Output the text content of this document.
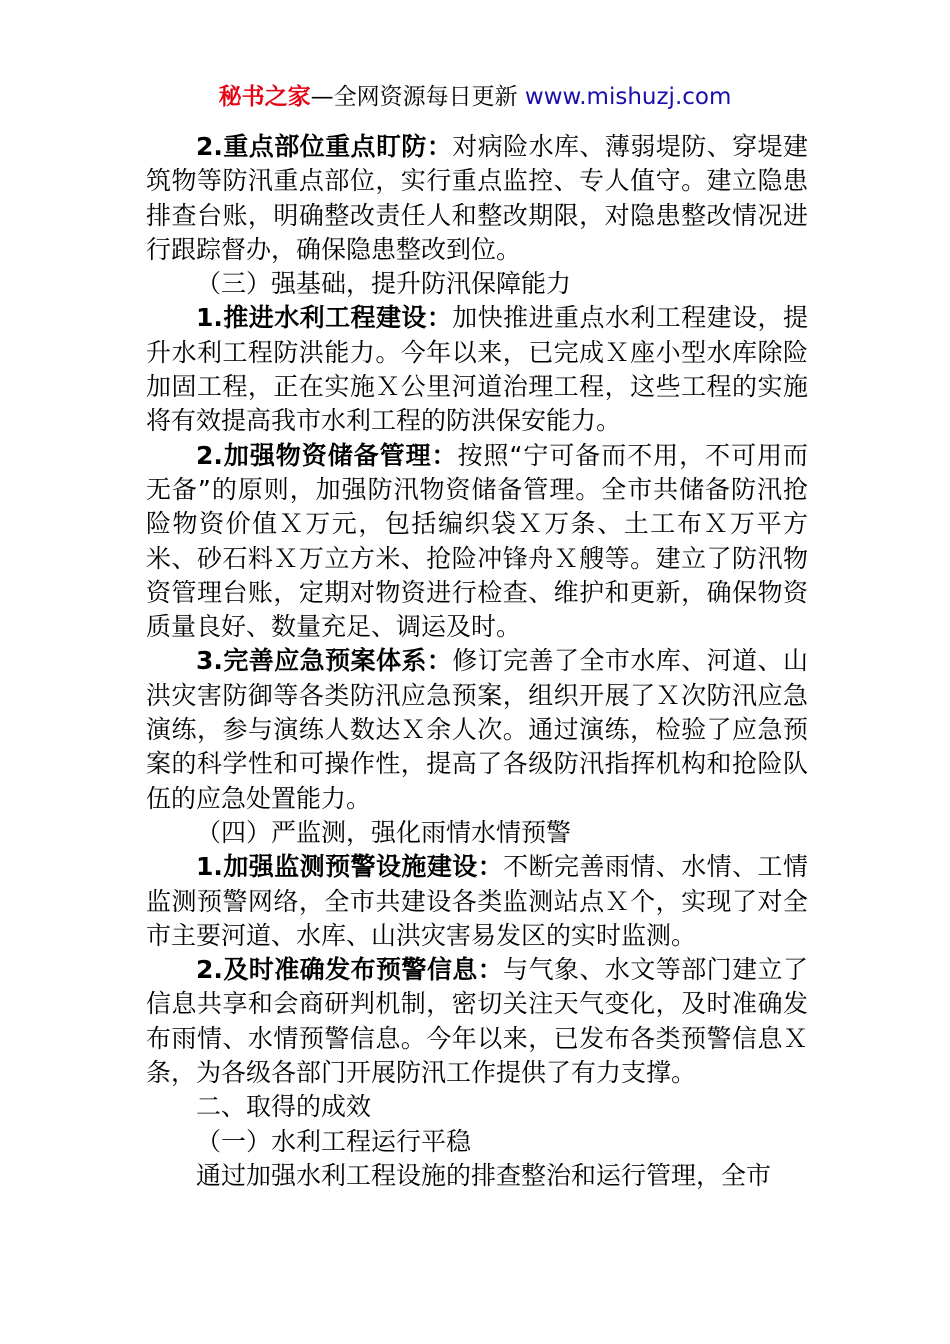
秘书之家—全网资源每日更新 www.mishuzj.com

2.重点部位重点盯防：对病险水库、薄弱堤防、穿堤建筑物等防汛重点部位，实行重点监控、专人值守。建立隐患排查台账，明确整改责任人和整改期限，对隐患整改情况进行跟踪督办，确保隐患整改到位。

（三）强基础，提升防汛保障能力

1.推进水利工程建设：加快推进重点水利工程建设，提升水利工程防洪能力。今年以来，已完成Ｘ座小型水库除险加固工程，正在实施Ｘ公里河道治理工程，这些工程的实施将有效提高我市水利工程的防洪保安能力。

2.加强物资储备管理：按照“宁可备而不用，不可用而无备”的原则，加强防汛物资储备管理。全市共储备防汛抢险物资价值Ｘ万元，包括编织袋Ｘ万条、土工布Ｘ万平方米、砂石料Ｘ万立方米、抢险冲锋舟Ｘ艘等。建立了防汛物资管理台账，定期对物资进行检查、维护和更新，确保物资质量良好、数量充足、调运及时。

3.完善应急预案体系：修订完善了全市水库、河道、山洪灾害防御等各类防汛应急预案，组织开展了Ｘ次防汛应急演练，参与演练人数达Ｘ余人次。通过演练，检验了应急预案的科学性和可操作性，提高了各级防汛指挥机构和抢险队伍的应急处置能力。

（四）严监测，强化雨情水情预警

1.加强监测预警设施建设：不断完善雨情、水情、工情监测预警网络，全市共建设各类监测站点Ｘ个，实现了对全市主要河道、水库、山洪灾害易发区的实时监测。

2.及时准确发布预警信息：与气象、水文等部门建立了信息共享和会商研判机制，密切关注天气变化，及时准确发布雨情、水情预警信息。今年以来，已发布各类预警信息Ｘ条，为各级各部门开展防汛工作提供了有力支撑。

二、取得的成效

（一）水利工程运行平稳

通过加强水利工程设施的排查整治和运行管理，全市
